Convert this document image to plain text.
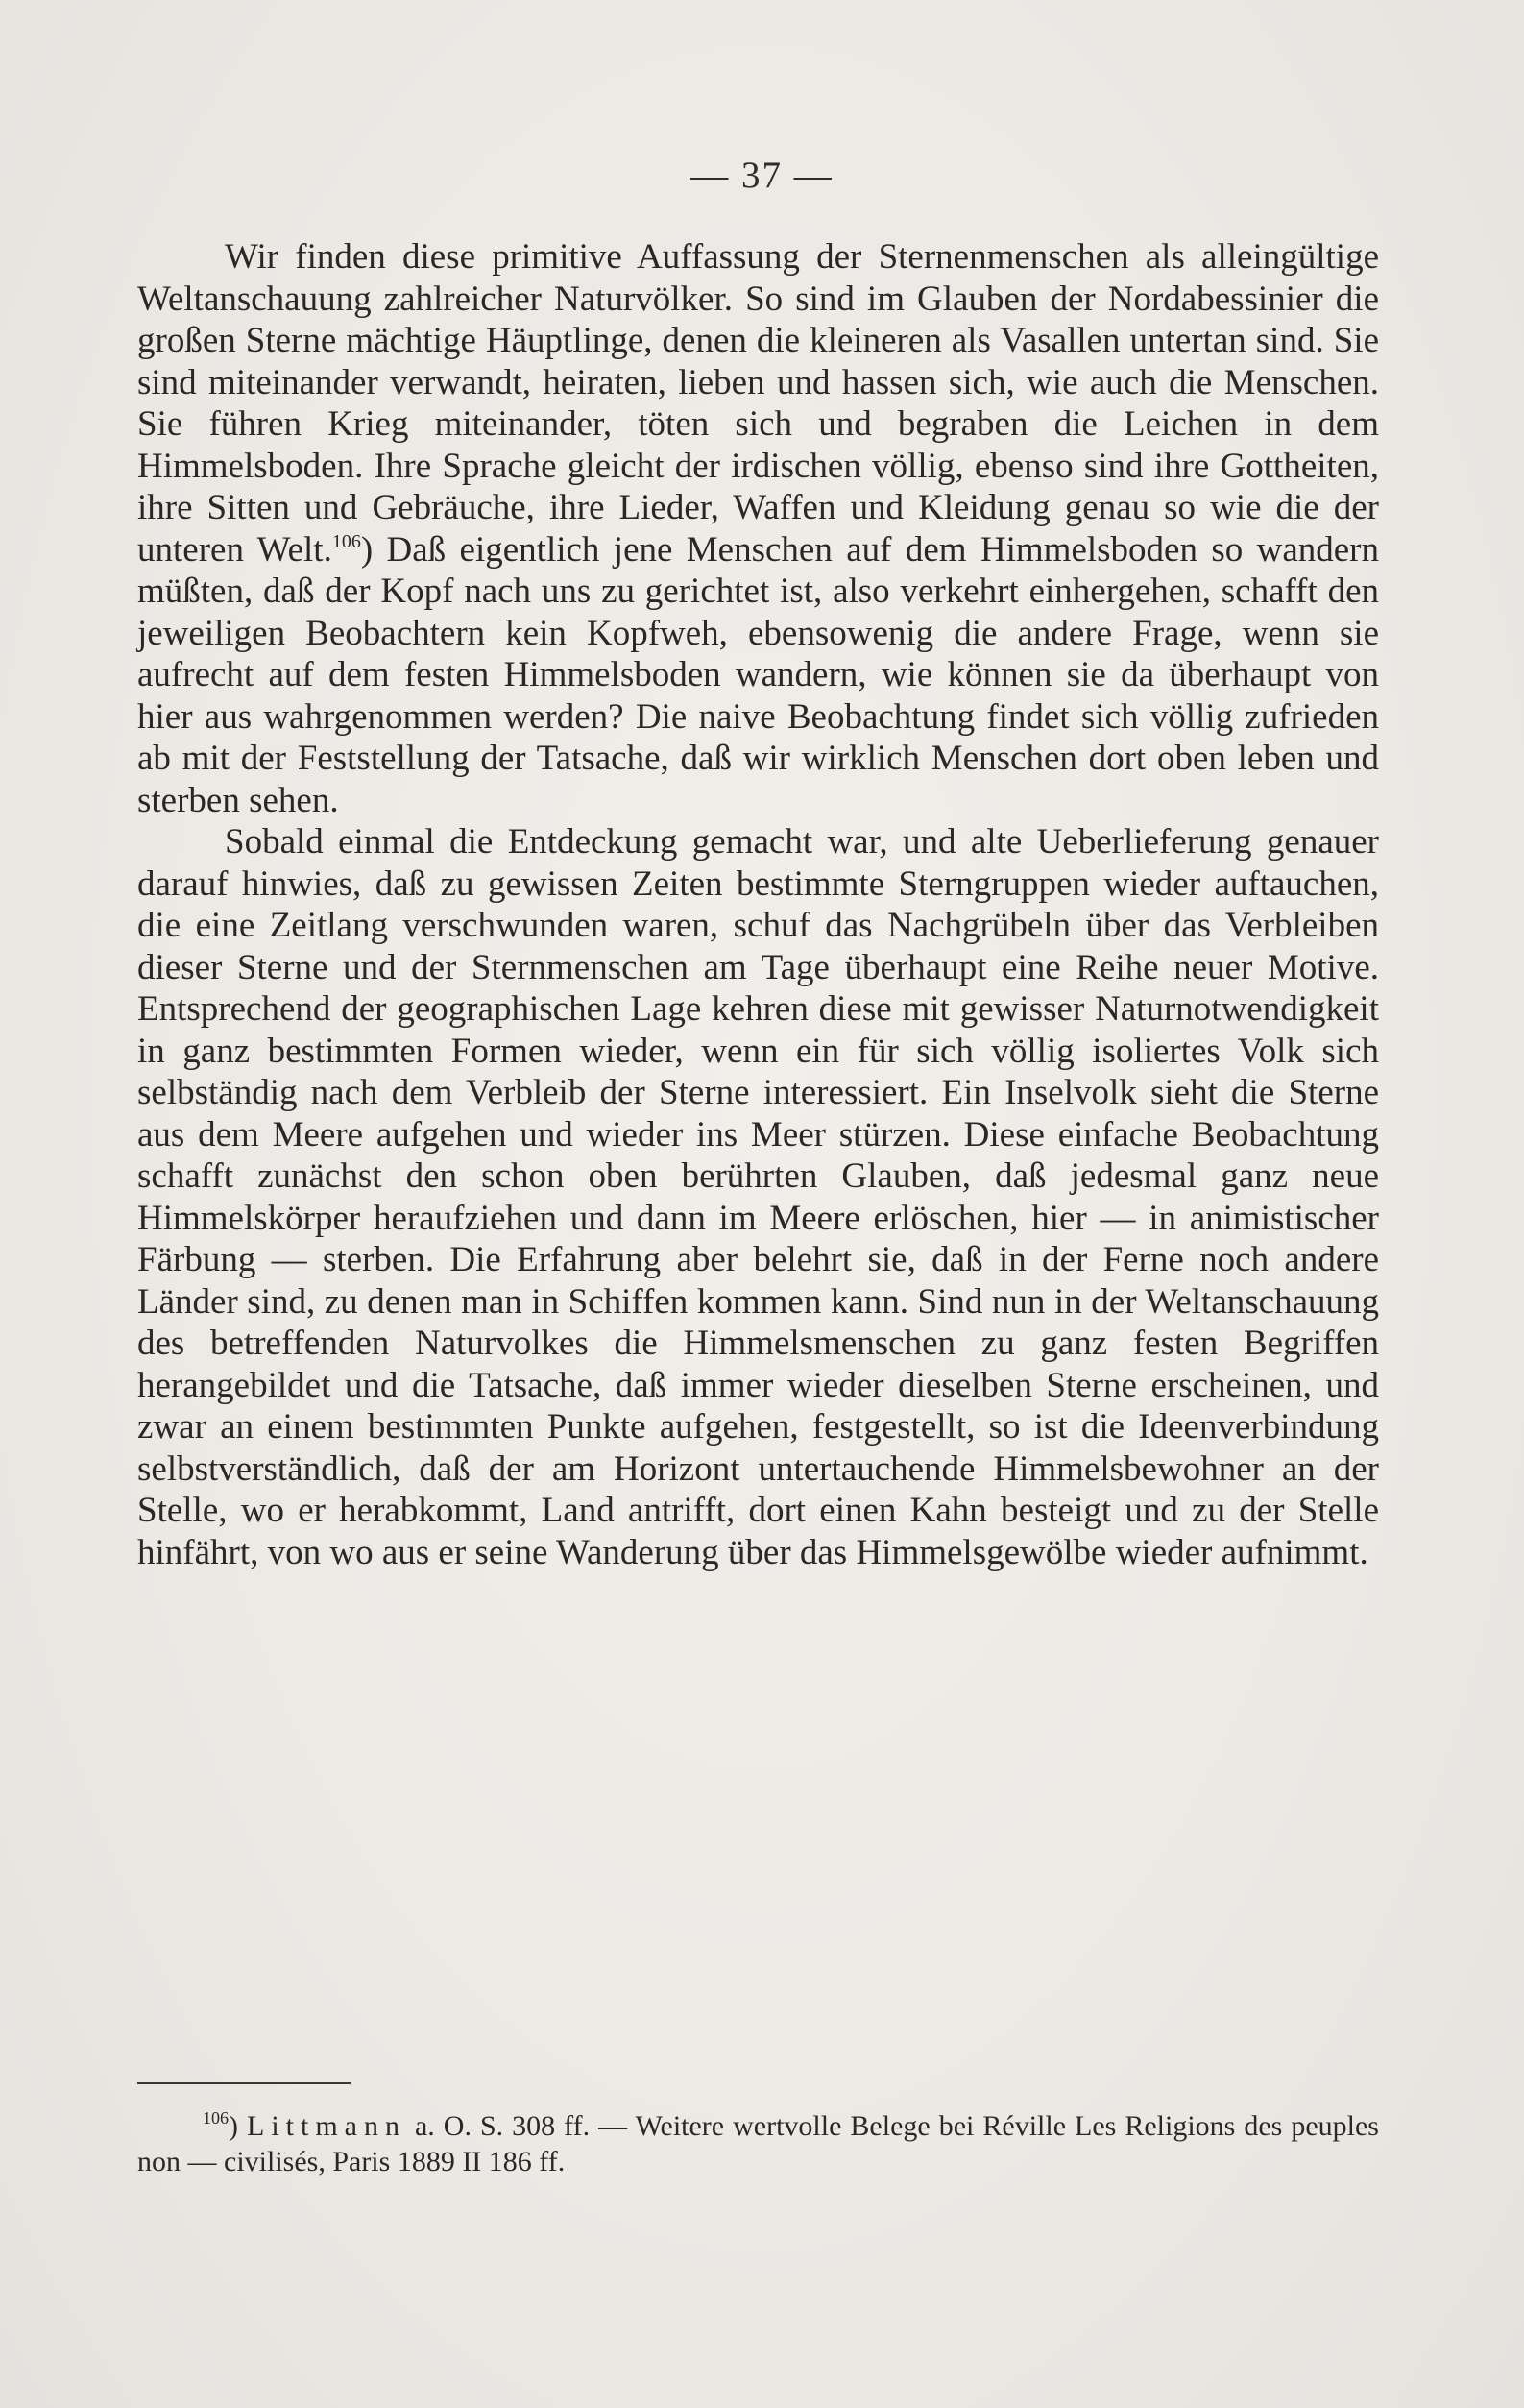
— 37 —

Wir finden diese primitive Auffassung der Sternenmenschen als alleingültige Weltanschauung zahlreicher Naturvölker. So sind im Glauben der Nordabessinier die großen Sterne mächtige Häuptlinge, denen die kleineren als Vasallen untertan sind. Sie sind miteinander verwandt, heiraten, lieben und hassen sich, wie auch die Menschen. Sie führen Krieg miteinander, töten sich und begraben die Leichen in dem Himmelsboden. Ihre Sprache gleicht der irdischen völlig, ebenso sind ihre Gottheiten, ihre Sitten und Gebräuche, ihre Lieder, Waffen und Kleidung genau so wie die der unteren Welt.$^{106}$) Daß eigentlich jene Menschen auf dem Himmelsboden so wandern müßten, daß der Kopf nach uns zu gerichtet ist, also verkehrt einhergehen, schafft den jeweiligen Beobachtern kein Kopfweh, ebensowenig die andere Frage, wenn sie aufrecht auf dem festen Himmelsboden wandern, wie können sie da überhaupt von hier aus wahrgenommen werden? Die naive Beobachtung findet sich völlig zufrieden ab mit der Feststellung der Tatsache, daß wir wirklich Menschen dort oben leben und sterben sehen.

Sobald einmal die Entdeckung gemacht war, und alte Ueberlieferung genauer darauf hinwies, daß zu gewissen Zeiten bestimmte Sterngruppen wieder auftauchen, die eine Zeitlang verschwunden waren, schuf das Nachgrübeln über das Verbleiben dieser Sterne und der Sternmenschen am Tage überhaupt eine Reihe neuer Motive. Entsprechend der geographischen Lage kehren diese mit gewisser Naturnotwendigkeit in ganz bestimmten Formen wieder, wenn ein für sich völlig isoliertes Volk sich selbständig nach dem Verbleib der Sterne interessiert. Ein Inselvolk sieht die Sterne aus dem Meere aufgehen und wieder ins Meer stürzen. Diese einfache Beobachtung schafft zunächst den schon oben berührten Glauben, daß jedesmal ganz neue Himmelskörper heraufziehen und dann im Meere erlöschen, hier — in animistischer Färbung — sterben. Die Erfahrung aber belehrt sie, daß in der Ferne noch andere Länder sind, zu denen man in Schiffen kommen kann. Sind nun in der Weltanschauung des betreffenden Naturvolkes die Himmelsmenschen zu ganz festen Begriffen herangebildet und die Tatsache, daß immer wieder dieselben Sterne erscheinen, und zwar an einem bestimmten Punkte aufgehen, festgestellt, so ist die Ideenverbindung selbstverständlich, daß der am Horizont untertauchende Himmelsbewohner an der Stelle, wo er herabkommt, Land antrifft, dort einen Kahn besteigt und zu der Stelle hinfährt, von wo aus er seine Wanderung über das Himmelsgewölbe wieder aufnimmt.

$^{106}$) Littmann a. O. S. 308 ff. — Weitere wertvolle Belege bei Réville Les Religions des peuples non — civilisés, Paris 1889 II 186 ff.
